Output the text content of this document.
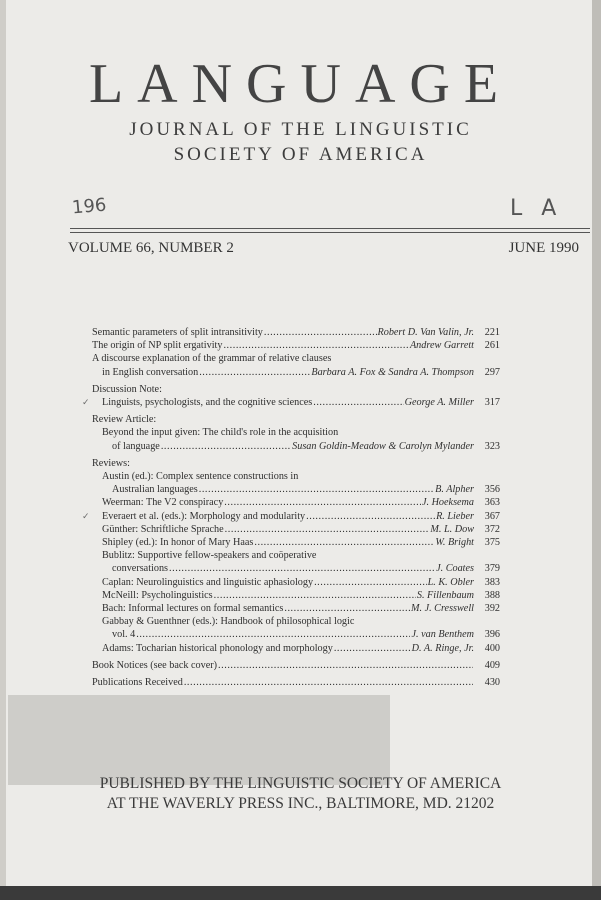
LANGUAGE
JOURNAL OF THE LINGUISTIC
SOCIETY OF AMERICA
196	L A
VOLUME 66, NUMBER 2	JUNE 1990
Semantic parameters of split intransitivity . . .	Robert D. Van Valin, Jr.	221
The origin of NP split ergativity . . .	Andrew Garrett	261
A discourse explanation of the grammar of relative clauses
in English conversation . . .	Barbara A. Fox & Sandra A. Thompson	297
Discussion Note:
✓ Linguists, psychologists, and the cognitive sciences . . .	George A. Miller	317
Review Article:
Beyond the input given: The child's role in the acquisition
of language . . .	Susan Goldin-Meadow & Carolyn Mylander	323
Reviews:
Austin (ed.): Complex sentence constructions in
Australian languages . . .	B. Alpher	356
Weerman: The V2 conspiracy . . .	J. Hoeksema	363
✓ Everaert et al. (eds.): Morphology and modularity . . .	R. Lieber	367
Günther: Schriftliche Sprache . . .	M. L. Dow	372
Shipley (ed.): In honor of Mary Haas . . .	W. Bright	375
Bublitz: Supportive fellow-speakers and coöperative
conversations . . .	J. Coates	379
Caplan: Neurolinguistics and linguistic aphasiology . . .	L. K. Obler	383
McNeill: Psycholinguistics . . .	S. Fillenbaum	388
Bach: Informal lectures on formal semantics . . .	M. J. Cresswell	392
Gabbay & Guenthner (eds.): Handbook of philosophical logic
vol. 4 . . .	J. van Benthem	396
Adams: Tocharian historical phonology and morphology . . .	D. A. Ringe, Jr.	400
Book Notices (see back cover) . . .	409
Publications Received . . .	430
PUBLISHED BY THE LINGUISTIC SOCIETY OF AMERICA
AT THE WAVERLY PRESS INC., BALTIMORE, MD. 21202
